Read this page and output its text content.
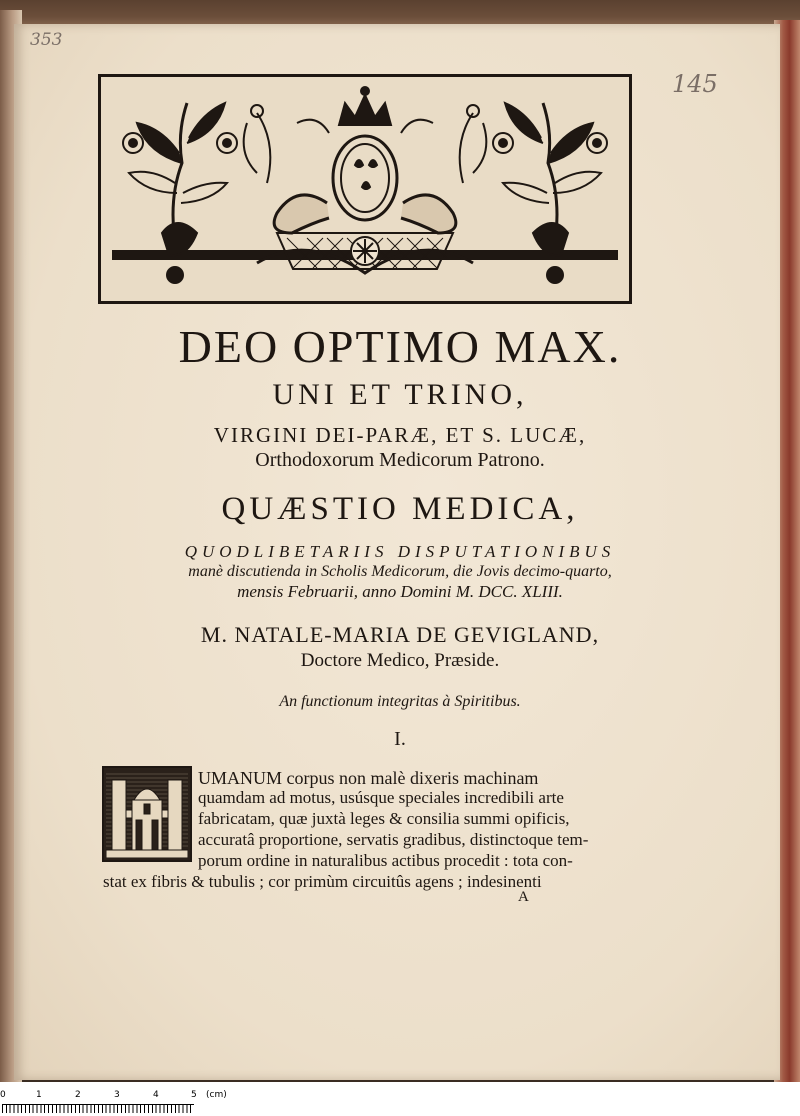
353
145
DEO OPTIMO MAX.
UNI ET TRINO,
VIRGINI DEI-PARÆ, ET S. LUCÆ,
Orthodoxorum Medicorum Patrono.
QUÆSTIO MEDICA,
QUODLIBETARIIS DISPUTATIONIBUS
manè discutienda in Scholis Medicorum, die Jovis decimo-quarto,
mensis Februarii, anno Domini M. DCC. XLIII.
M. NATALE-MARIA DE GEVIGLAND,
Doctore Medico, Præside.
An functionum integritas à Spiritibus.
I.
UMANUM corpus non malè dixeris machinam
quamdam ad motus, usúsque speciales incredibili arte
fabricatam, quæ juxtà leges & consilia summi opificis,
accuratâ proportione, servatis gradibus, distinctoque tem-
porum ordine in naturalibus actibus procedit : tota con-
stat ex fibris & tubulis ; cor primùm circuitûs agens ; indesinenti
A
0	1	2	3	4	5 (cm)
